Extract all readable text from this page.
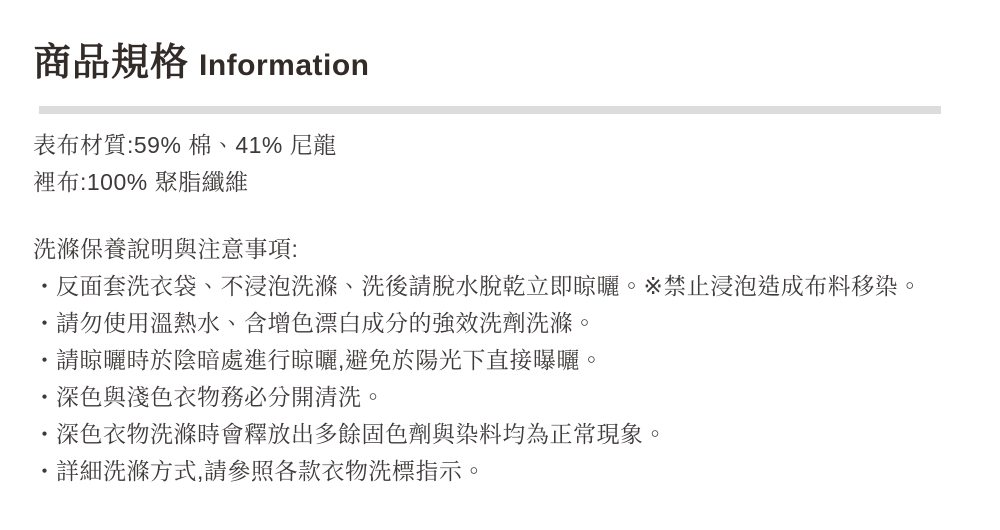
商品規格 Information

表布材質:59% 棉、41% 尼龍

裡布:100% 聚脂纖維

洗滌保養說明與注意事項:

・反面套洗衣袋、不浸泡洗滌、洗後請脫水脫乾立即晾曬。※禁止浸泡造成布料移染。

・請勿使用溫熱水、含增色漂白成分的強效洗劑洗滌。

・請晾曬時於陰暗處進行晾曬,避免於陽光下直接曝曬。

・深色與淺色衣物務必分開清洗。

・深色衣物洗滌時會釋放出多餘固色劑與染料均為正常現象。

・詳細洗滌方式,請參照各款衣物洗標指示。
